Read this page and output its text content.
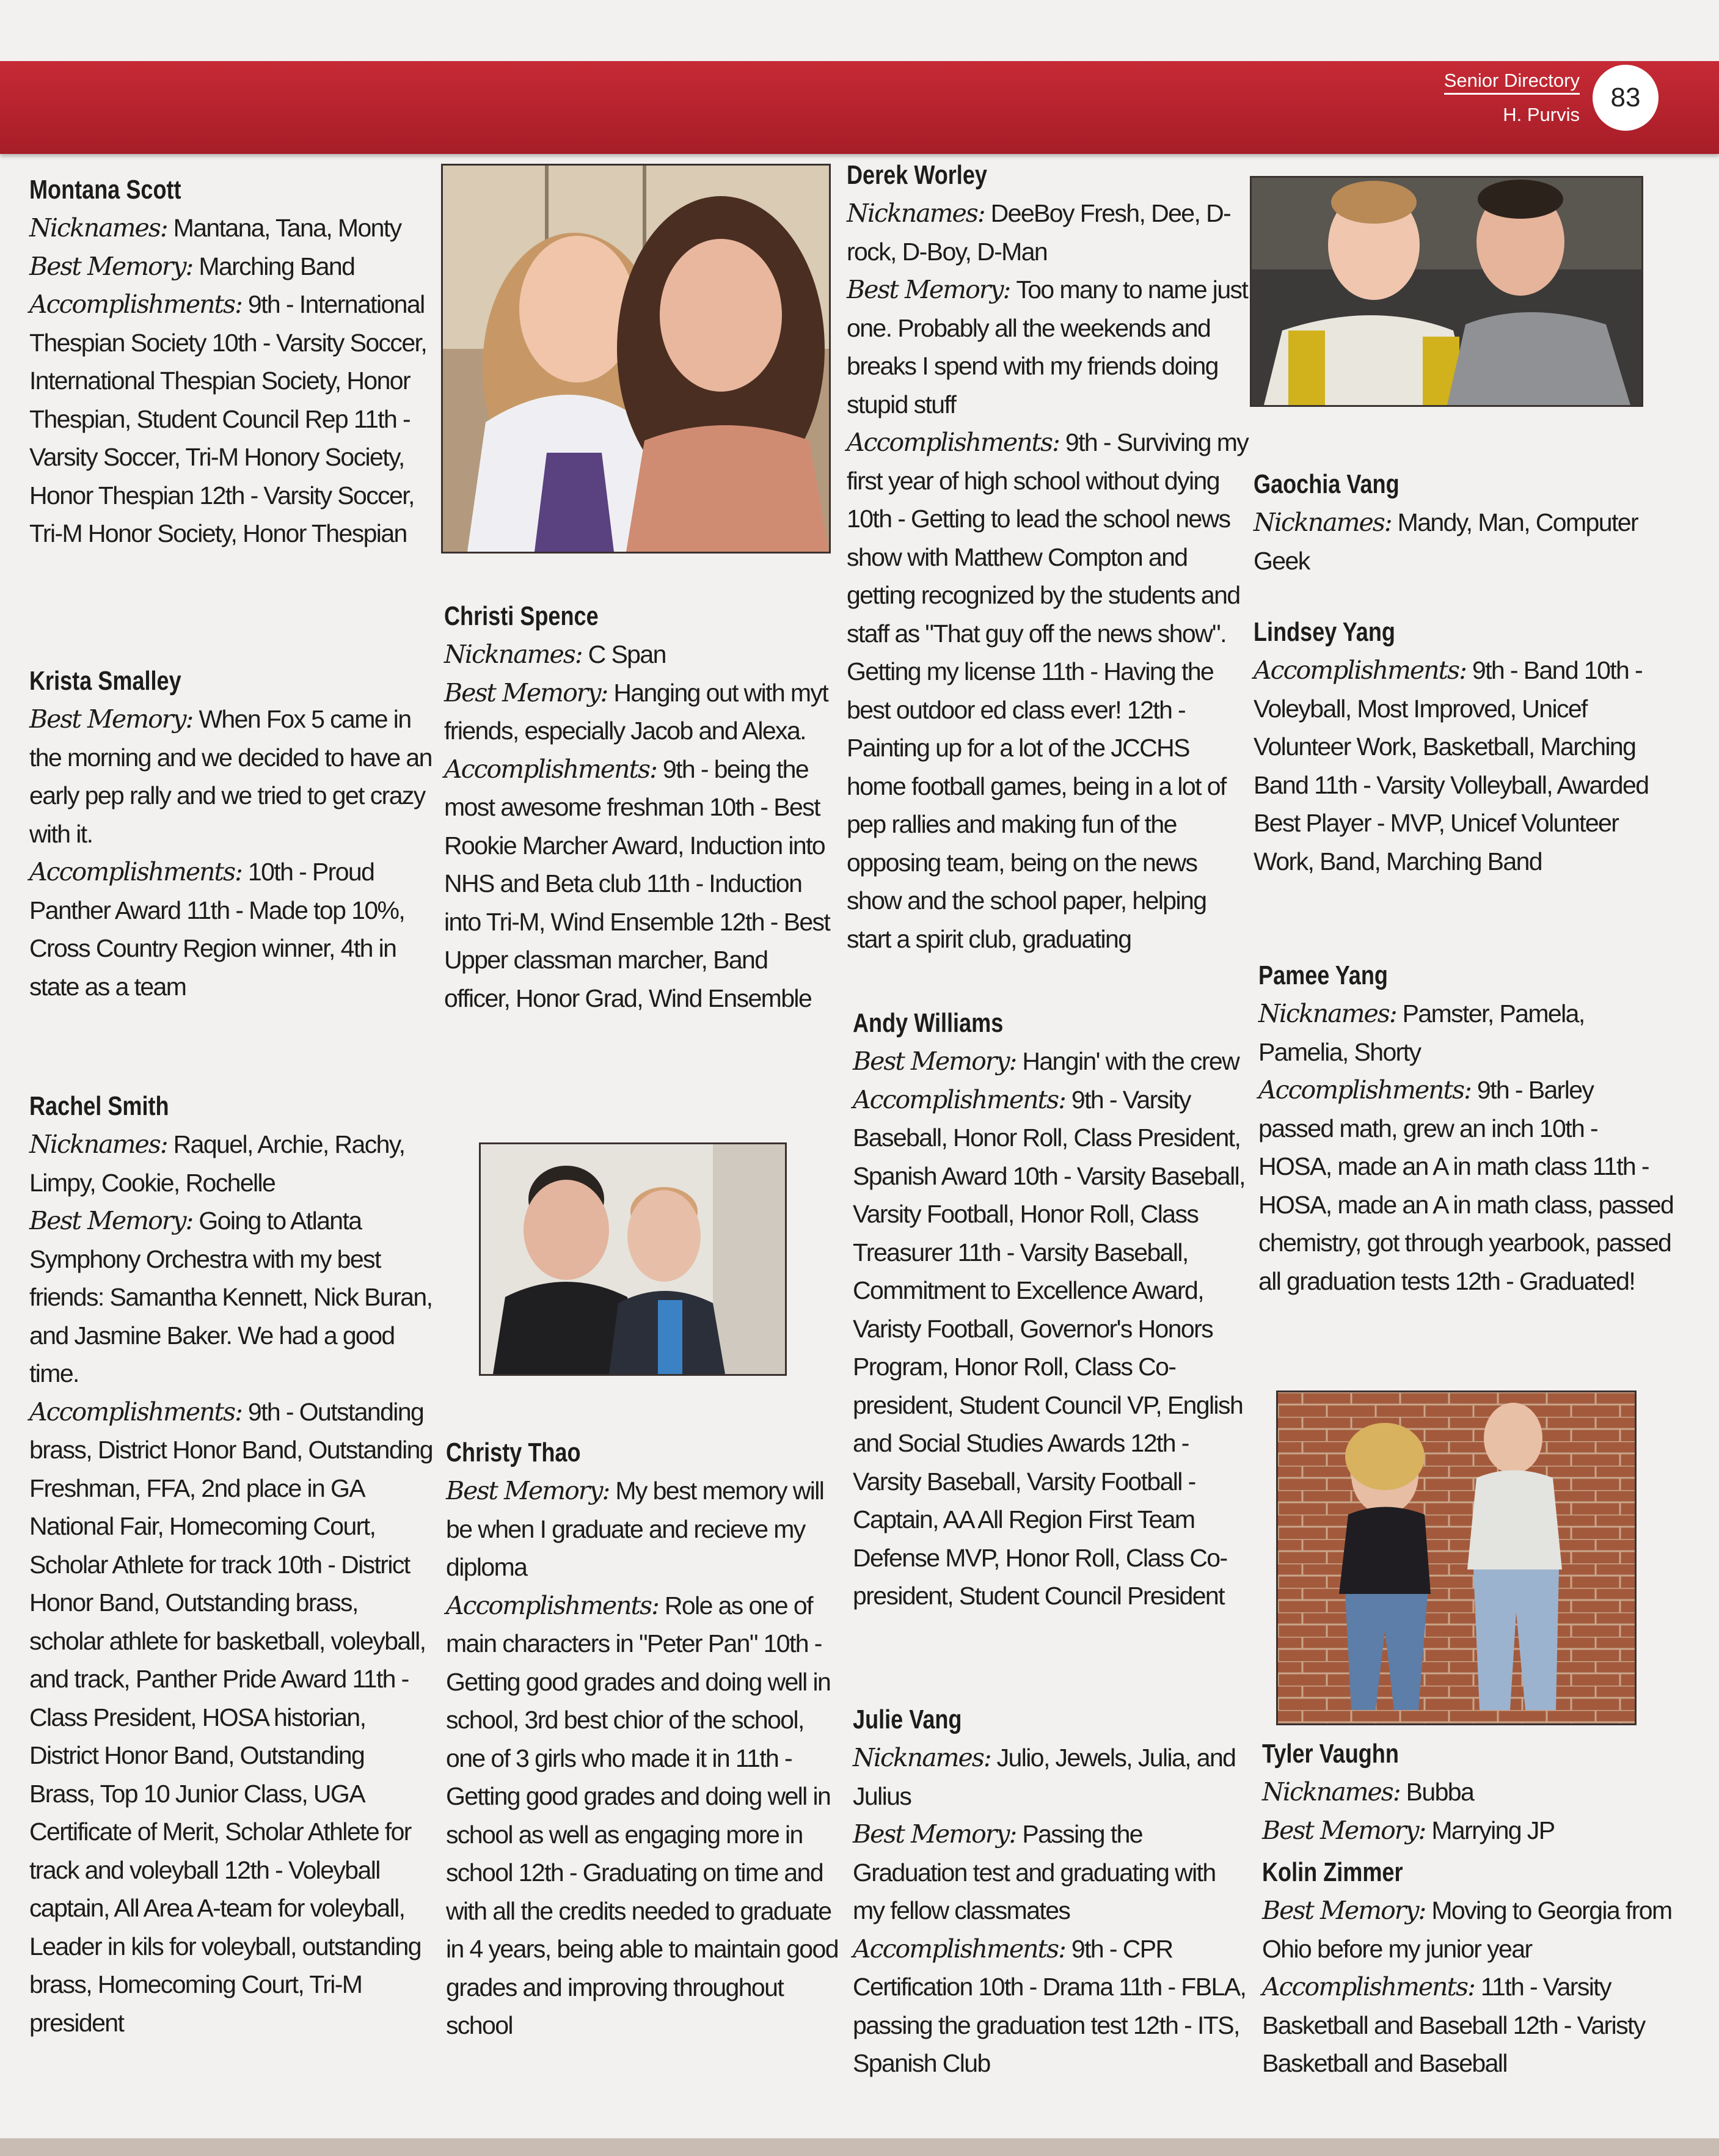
Senior Directory
H. Purvis
83
Montana Scott

Nicknames: Mantana, Tana, Monty

Best Memory: Marching Band

Accomplishments: 9th - International Thespian Society 10th - Varsity Soccer, International Thespian Society, Honor Thespian, Student Council Rep 11th - Varsity Soccer, Tri-M Honory Society, Honor Thespian 12th - Varsity Soccer, Tri-M Honor Society, Honor Thespian

Krista Smalley

Best Memory: When Fox 5 came in the morning and we decided to have an early pep rally and we tried to get crazy with it.

Accomplishments: 10th - Proud Panther Award 11th - Made top 10%, Cross Country Region winner, 4th in state as a team

Rachel Smith

Nicknames: Raquel, Archie, Rachy, Limpy, Cookie, Rochelle

Best Memory: Going to Atlanta Symphony Orchestra with my best friends: Samantha Kennett, Nick Buran, and Jasmine Baker. We had a good time.

Accomplishments: 9th - Outstanding brass, District Honor Band, Outstanding Freshman, FFA, 2nd place in GA National Fair, Homecoming Court, Scholar Athlete for track 10th - District Honor Band, Outstanding brass, scholar athlete for basketball, voleyball, and track, Panther Pride Award 11th - Class President, HOSA historian, District Honor Band, Outstanding Brass, Top 10 Junior Class, UGA Certificate of Merit, Scholar Athlete for track and voleyball 12th - Voleyball captain, All Area A-team for voleyball, Leader in kils for voleyball, outstanding brass, Homecoming Court, Tri-M president

Christi Spence

Nicknames: C Span

Best Memory: Hanging out with myt friends, especially Jacob and Alexa.

Accomplishments: 9th - being the most awesome freshman 10th - Best Rookie Marcher Award, Induction into NHS and Beta club 11th - Induction into Tri-M, Wind Ensemble 12th - Best Upper classman marcher, Band officer, Honor Grad, Wind Ensemble

Christy Thao

Best Memory: My best memory will be when I graduate and recieve my diploma

Accomplishments: Role as one of main characters in "Peter Pan" 10th - Getting good grades and doing well in school, 3rd best chior of the school, one of 3 girls who made it in 11th - Getting good grades and doing well in school as well as engaging more in school 12th - Graduating on time and with all the credits needed to graduate in 4 years, being able to maintain good grades and improving throughout school

Derek Worley

Nicknames: DeeBoy Fresh, Dee, D-rock, D-Boy, D-Man

Best Memory: Too many to name just one. Probably all the weekends and breaks I spend with my friends doing stupid stuff

Accomplishments: 9th - Surviving my first year of high school without dying 10th - Getting to lead the school news show with Matthew Compton and getting recognized by the students and staff as "That guy off the news show". Getting my license 11th - Having the best outdoor ed class ever! 12th - Painting up for a lot of the JCCHS home football games, being in a lot of pep rallies and making fun of the opposing team, being on the news show and the school paper, helping start a spirit club, graduating

Andy Williams

Best Memory: Hangin' with the crew

Accomplishments: 9th - Varsity Baseball, Honor Roll, Class President, Spanish Award 10th - Varsity Baseball, Varsity Football, Honor Roll, Class Treasurer 11th - Varsity Baseball, Commitment to Excellence Award, Varisty Football, Governor's Honors Program, Honor Roll, Class Co-president, Student Council VP, English and Social Studies Awards 12th - Varsity Baseball, Varsity Football - Captain, AA All Region First Team Defense MVP, Honor Roll, Class Co-president, Student Council President

Julie Vang

Nicknames: Julio, Jewels, Julia, and Julius

Best Memory: Passing the Graduation test and graduating with my fellow classmates

Accomplishments: 9th - CPR Certification 10th - Drama 11th - FBLA, passing the graduation test 12th - ITS, Spanish Club

Gaochia Vang

Nicknames: Mandy, Man, Computer Geek

Lindsey Yang

Accomplishments: 9th - Band 10th - Voleyball, Most Improved, Unicef Volunteer Work, Basketball, Marching Band 11th - Varsity Volleyball, Awarded Best Player - MVP, Unicef Volunteer Work, Band, Marching Band

Pamee Yang

Nicknames: Pamster, Pamela, Pamelia, Shorty

Accomplishments: 9th - Barley passed math, grew an inch 10th - HOSA, made an A in math class 11th - HOSA, made an A in math class, passed chemistry, got through yearbook, passed all graduation tests 12th - Graduated!

Tyler Vaughn

Nicknames: Bubba

Best Memory: Marrying JP

Kolin Zimmer

Best Memory: Moving to Georgia from Ohio before my junior year

Accomplishments: 11th - Varsity Basketball and Baseball 12th - Varisty Basketball and Baseball
